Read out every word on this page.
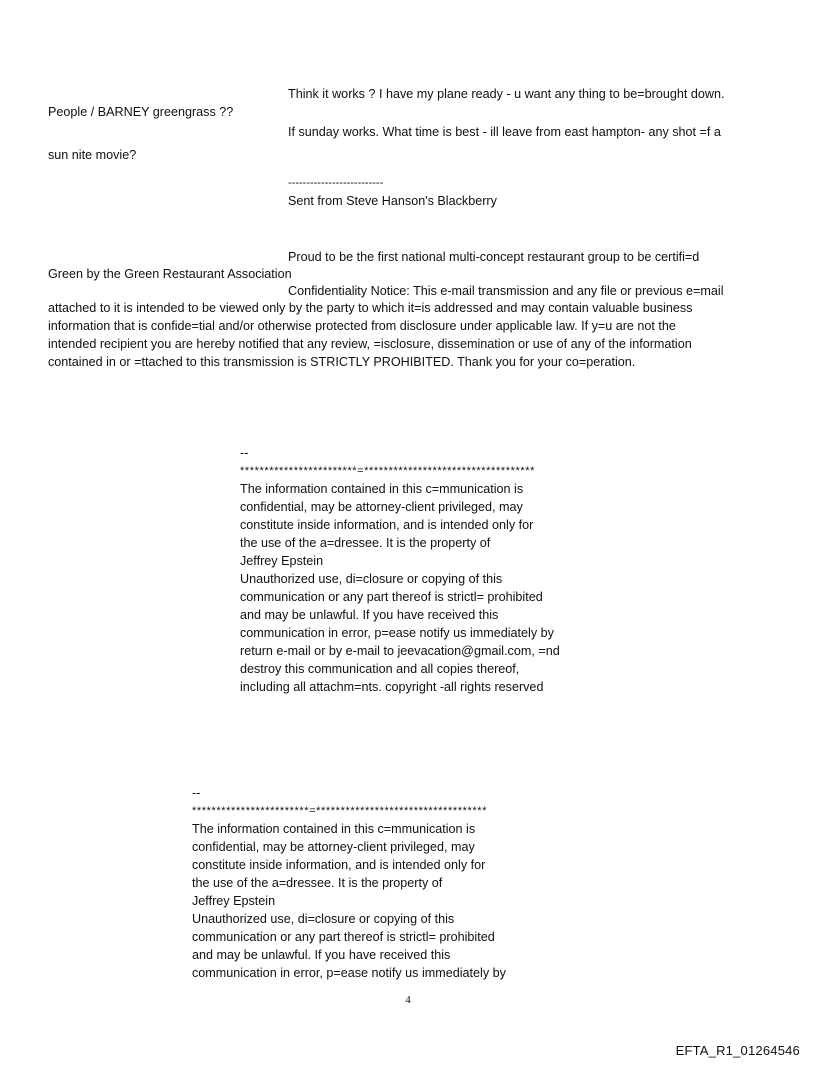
Think it works ? I have my plane ready - u want any thing to be=brought down.
People / BARNEY greengrass ??
If sunday works. What time is best - ill leave from east hampton- any shot =f a
sun nite movie?
--------------------------
Sent from Steve Hanson's Blackberry
Proud to be the first national multi-concept restaurant group to be certifi=d
Green by the Green Restaurant Association
Confidentiality Notice: This e-mail transmission and any file or previous e=mail
attached to it is intended to be viewed only by the party to which it=is addressed and may contain valuable business
information that is confide=tial and/or otherwise protected from disclosure under applicable law. If y=u are not the
intended recipient you are hereby notified that any review, =isclosure, dissemination or use of any of the information
contained in or =ttached to this transmission is STRICTLY PROHIBITED. Thank you for your co=peration.
--
************************=***********************************
The information contained in this c=mmunication is
confidential, may be attorney-client privileged, may
constitute inside information, and is intended only for
the use of the a=dressee. It is the property of
Jeffrey Epstein
Unauthorized use, di=closure or copying of this
communication or any part thereof is strictl= prohibited
and may be unlawful. If you have received this
communication in error, p=ease notify us immediately by
return e-mail or by e-mail to jeevacation@gmail.com, =nd
destroy this communication and all copies thereof,
including all attachm=nts. copyright -all rights reserved
--
************************=***********************************
The information contained in this c=mmunication is
confidential, may be attorney-client privileged, may
constitute inside information, and is intended only for
the use of the a=dressee. It is the property of
Jeffrey Epstein
Unauthorized use, di=closure or copying of this
communication or any part thereof is strictl= prohibited
and may be unlawful. If you have received this
communication in error, p=ease notify us immediately by
4
EFTA_R1_01264546
